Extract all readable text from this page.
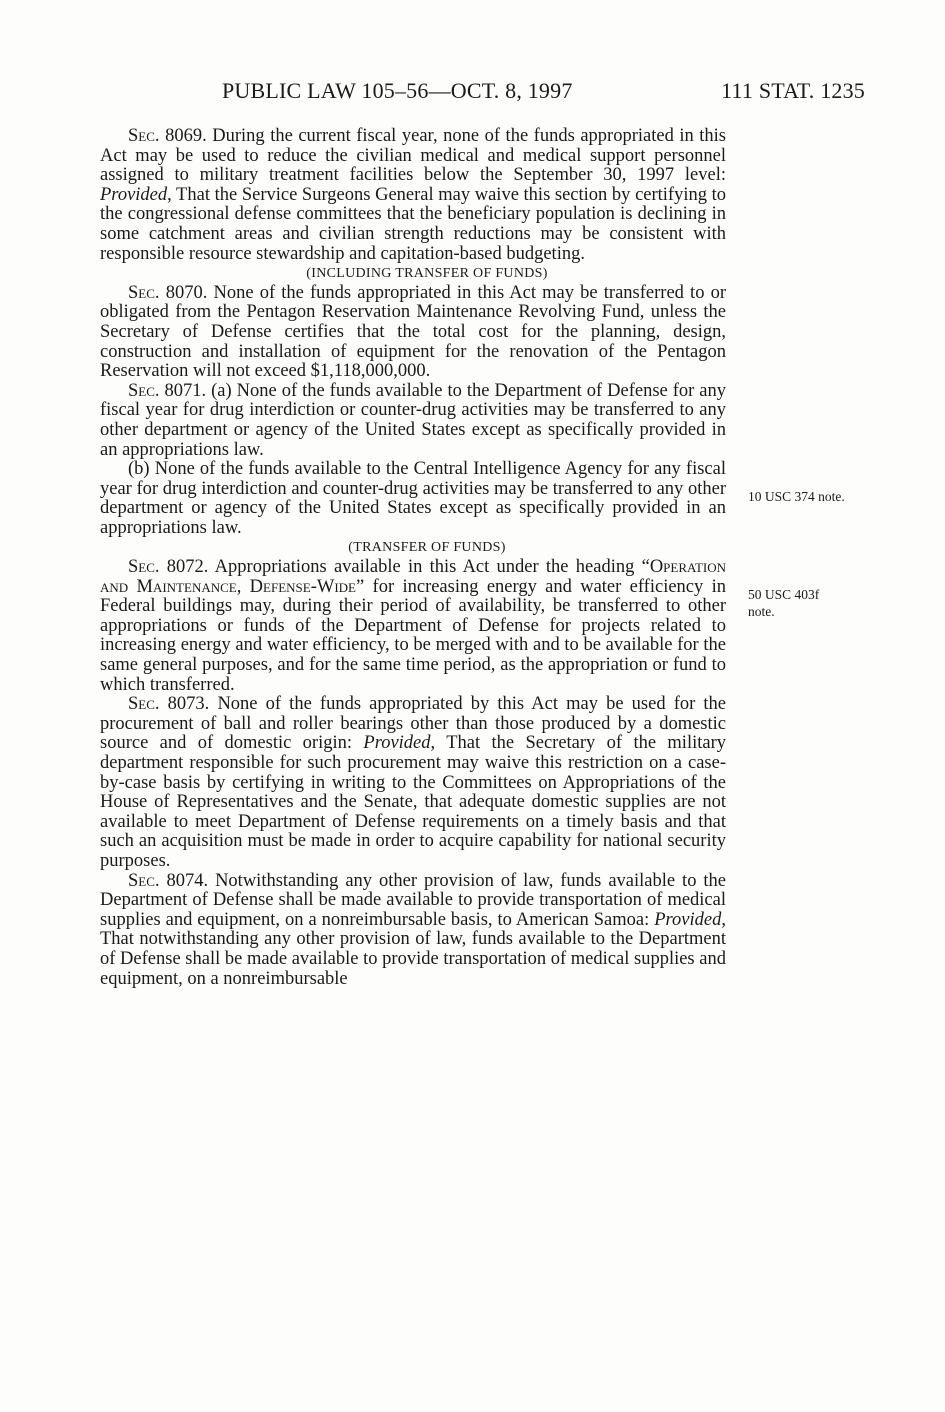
PUBLIC LAW 105–56—OCT. 8, 1997	111 STAT. 1235

Sec. 8069. During the current fiscal year, none of the funds appropriated in this Act may be used to reduce the civilian medical and medical support personnel assigned to military treatment facilities below the September 30, 1997 level: Provided, That the Service Surgeons General may waive this section by certifying to the congressional defense committees that the beneficiary population is declining in some catchment areas and civilian strength reductions may be consistent with responsible resource stewardship and capitation-based budgeting.

(INCLUDING TRANSFER OF FUNDS)

Sec. 8070. None of the funds appropriated in this Act may be transferred to or obligated from the Pentagon Reservation Maintenance Revolving Fund, unless the Secretary of Defense certifies that the total cost for the planning, design, construction and installation of equipment for the renovation of the Pentagon Reservation will not exceed $1,118,000,000.

Sec. 8071. (a) None of the funds available to the Department of Defense for any fiscal year for drug interdiction or counter-drug activities may be transferred to any other department or agency of the United States except as specifically provided in an appropriations law.

(b) None of the funds available to the Central Intelligence Agency for any fiscal year for drug interdiction and counter-drug activities may be transferred to any other department or agency of the United States except as specifically provided in an appropriations law.

(TRANSFER OF FUNDS)

Sec. 8072. Appropriations available in this Act under the heading “Operation and Maintenance, Defense-Wide” for increasing energy and water efficiency in Federal buildings may, during their period of availability, be transferred to other appropriations or funds of the Department of Defense for projects related to increasing energy and water efficiency, to be merged with and to be available for the same general purposes, and for the same time period, as the appropriation or fund to which transferred.

Sec. 8073. None of the funds appropriated by this Act may be used for the procurement of ball and roller bearings other than those produced by a domestic source and of domestic origin: Provided, That the Secretary of the military department responsible for such procurement may waive this restriction on a case-by-case basis by certifying in writing to the Committees on Appropriations of the House of Representatives and the Senate, that adequate domestic supplies are not available to meet Department of Defense requirements on a timely basis and that such an acquisition must be made in order to acquire capability for national security purposes.

Sec. 8074. Notwithstanding any other provision of law, funds available to the Department of Defense shall be made available to provide transportation of medical supplies and equipment, on a nonreimbursable basis, to American Samoa: Provided, That notwithstanding any other provision of law, funds available to the Department of Defense shall be made available to provide transportation of medical supplies and equipment, on a nonreimbursable

10 USC 374 note.
50 USC 403f
note.
